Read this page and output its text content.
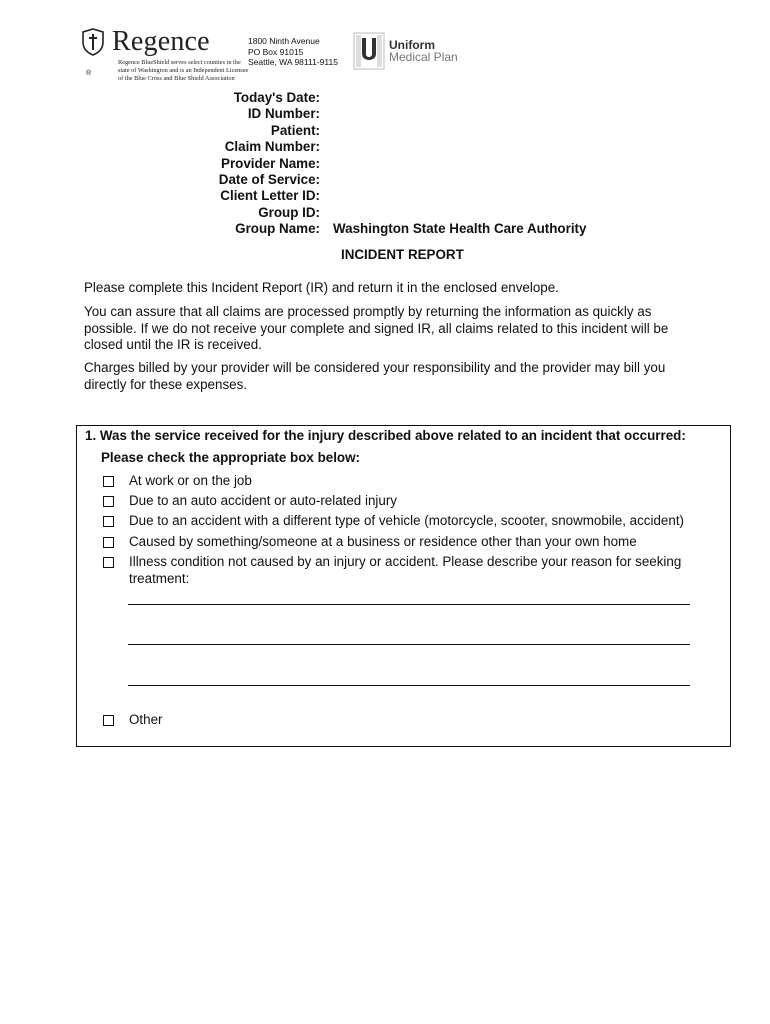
Regence
®
Regence BlueShield serves select counties in the state of Washington and is an Independent Licensee of the Blue Cross and Blue Shield Association
1800 Ninth Avenue
PO Box 91015
Seattle, WA 98111-9115
Uniform
Medical Plan
Today's Date:
ID Number:
Patient:
Claim Number:
Provider Name:
Date of Service:
Client Letter ID:
Group ID:
Group Name: Washington State Health Care Authority
INCIDENT REPORT
Please complete this Incident Report (IR) and return it in the enclosed envelope.
You can assure that all claims are processed promptly by returning the information as quickly as possible. If we do not receive your complete and signed IR, all claims related to this incident will be closed until the IR is received.
Charges billed by your provider will be considered your responsibility and the provider may bill you directly for these expenses.
1. Was the service received for the injury described above related to an incident that occurred:
Please check the appropriate box below:
At work or on the job
Due to an auto accident or auto-related injury
Due to an accident with a different type of vehicle (motorcycle, scooter, snowmobile, accident)
Caused by something/someone at a business or residence other than your own home
Illness condition not caused by an injury or accident. Please describe your reason for seeking treatment:
Other
